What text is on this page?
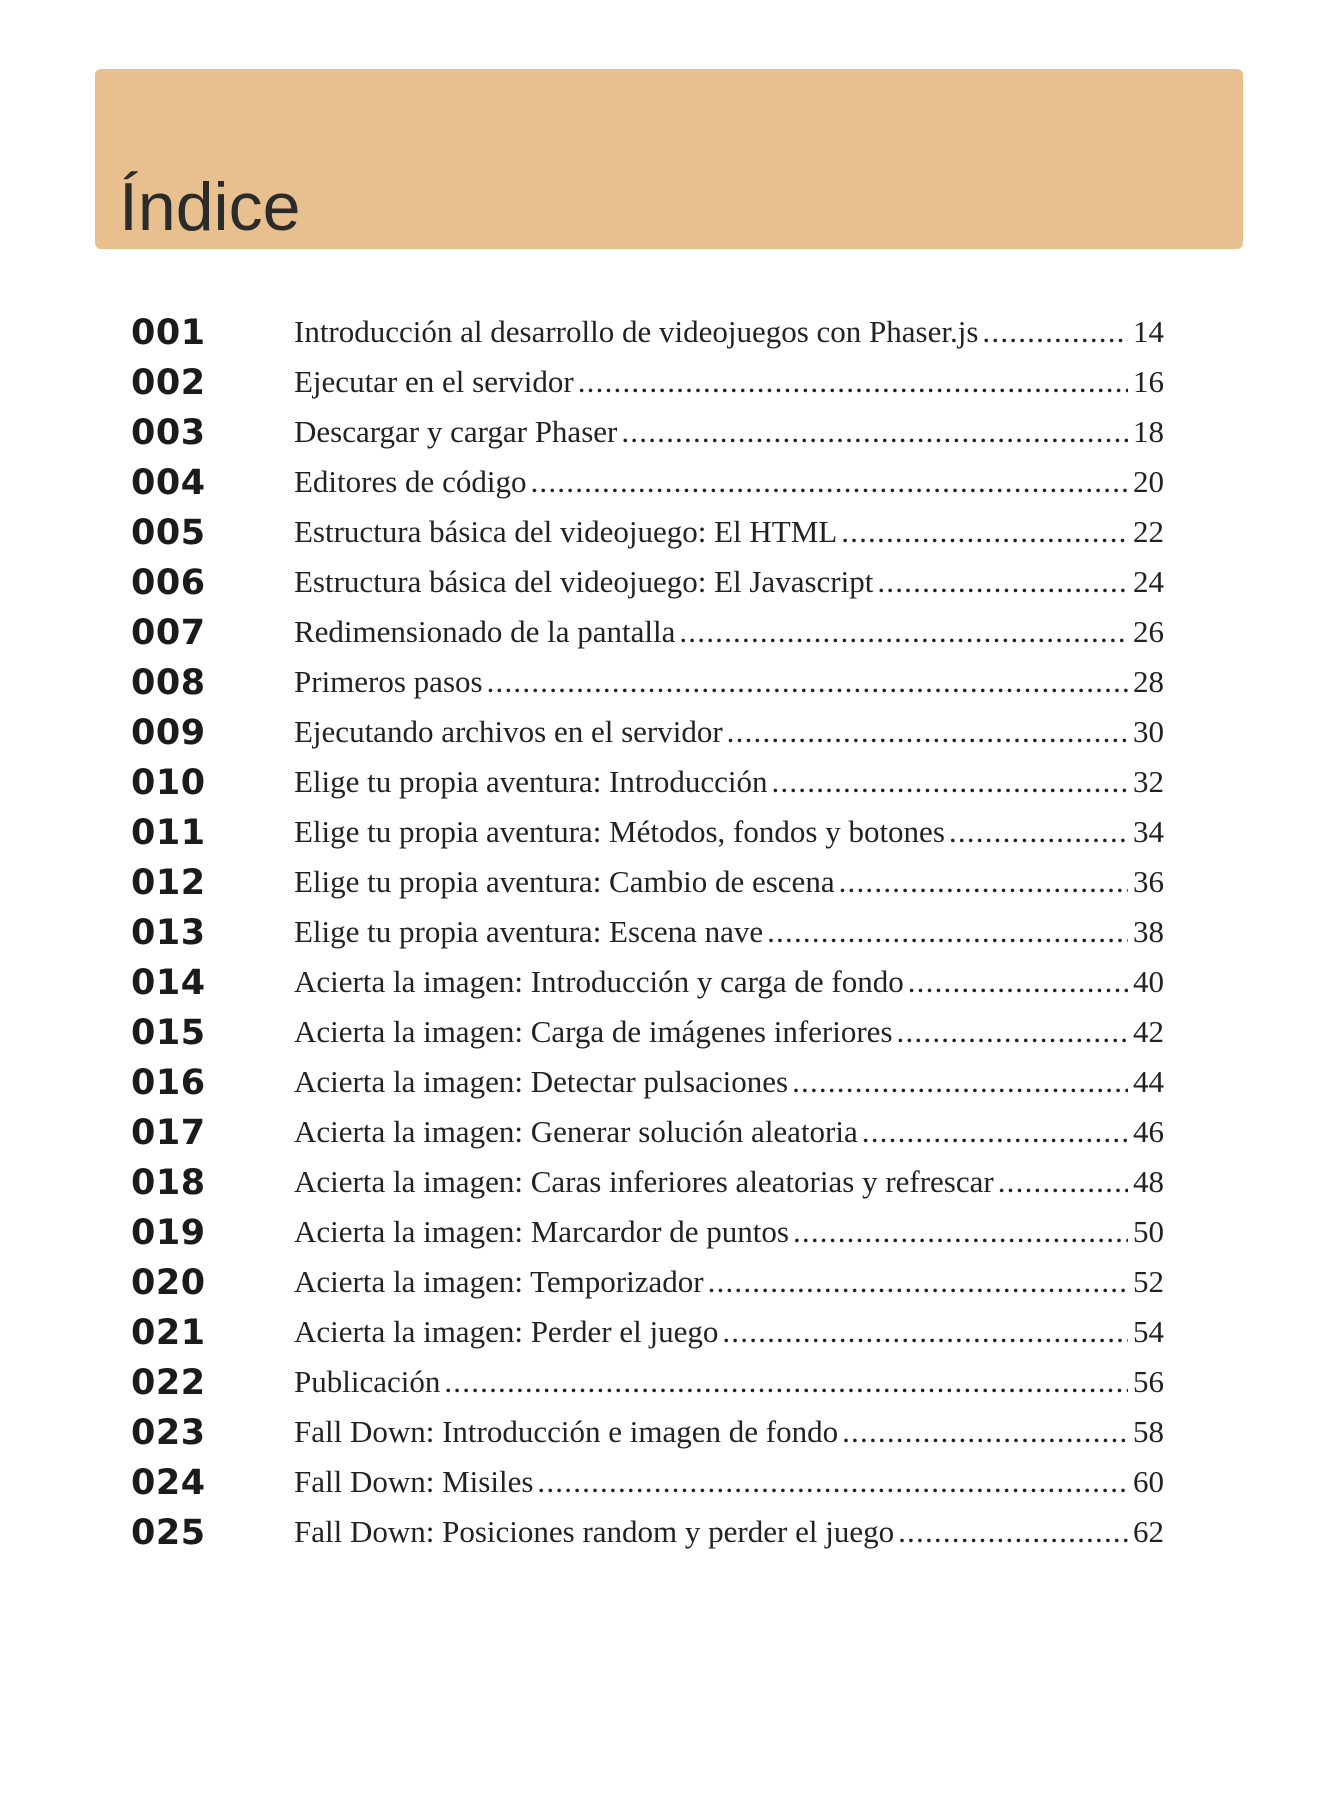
Índice
001	Introducción al desarrollo de videojuegos con Phaser.js .....	14
002	Ejecutar en el servidor .....	16
003	Descargar y cargar Phaser .....	18
004	Editores de código .....	20
005	Estructura básica del videojuego: El HTML .....	22
006	Estructura básica del videojuego: El Javascript .....	24
007	Redimensionado de la pantalla .....	26
008	Primeros pasos .....	28
009	Ejecutando archivos en el servidor .....	30
010	Elige tu propia aventura: Introducción .....	32
011	Elige tu propia aventura: Métodos, fondos y botones .....	34
012	Elige tu propia aventura: Cambio de escena .....	36
013	Elige tu propia aventura: Escena nave .....	38
014	Acierta la imagen: Introducción y carga de fondo .....	40
015	Acierta la imagen: Carga de imágenes inferiores .....	42
016	Acierta la imagen: Detectar pulsaciones .....	44
017	Acierta la imagen: Generar solución aleatoria .....	46
018	Acierta la imagen: Caras inferiores aleatorias y refrescar .....	48
019	Acierta la imagen: Marcardor de puntos .....	50
020	Acierta la imagen: Temporizador .....	52
021	Acierta la imagen: Perder el juego .....	54
022	Publicación .....	56
023	Fall Down: Introducción e imagen de fondo .....	58
024	Fall Down: Misiles .....	60
025	Fall Down: Posiciones random y perder el juego .....	62
